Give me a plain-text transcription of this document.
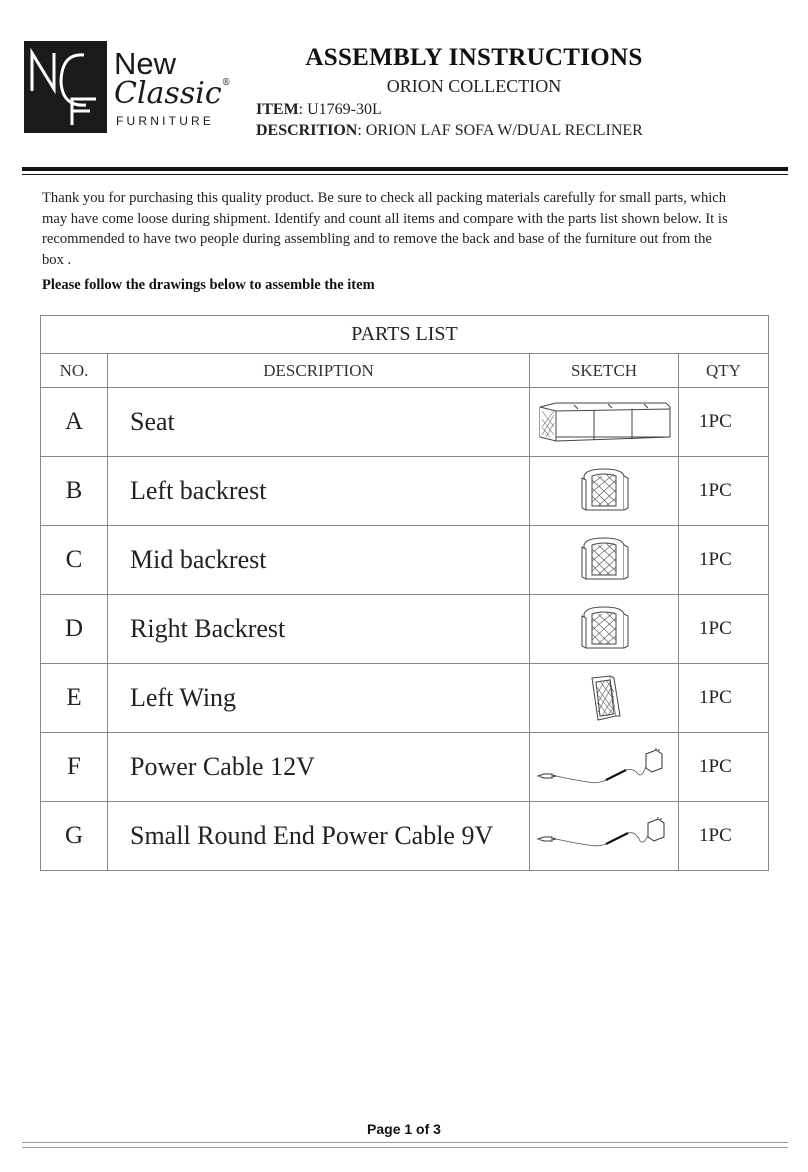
NCF
New
Classic®
FURNITURE
ASSEMBLY INSTRUCTIONS
ORION COLLECTION
ITEM: U1769-30L
DESCRITION: ORION LAF SOFA W/DUAL RECLINER
Thank you for purchasing this quality product. Be sure to check all packing materials carefully for small parts, which may have come loose during shipment. Identify and count all items and compare with the parts list shown below. It is recommended to have two people during assembling and to remove the back and base of the furniture out from the box .
Please follow the drawings below to assemble the item
PARTS LIST			
NO.	DESCRIPTION	SKETCH	QTY
A	Seat		1PC
B	Left backrest		1PC
C	Mid backrest		1PC
D	Right Backrest		1PC
E	Left Wing		1PC
F	Power Cable 12V		1PC
G	Small Round End Power Cable 9V		1PC
Page 1 of 3
